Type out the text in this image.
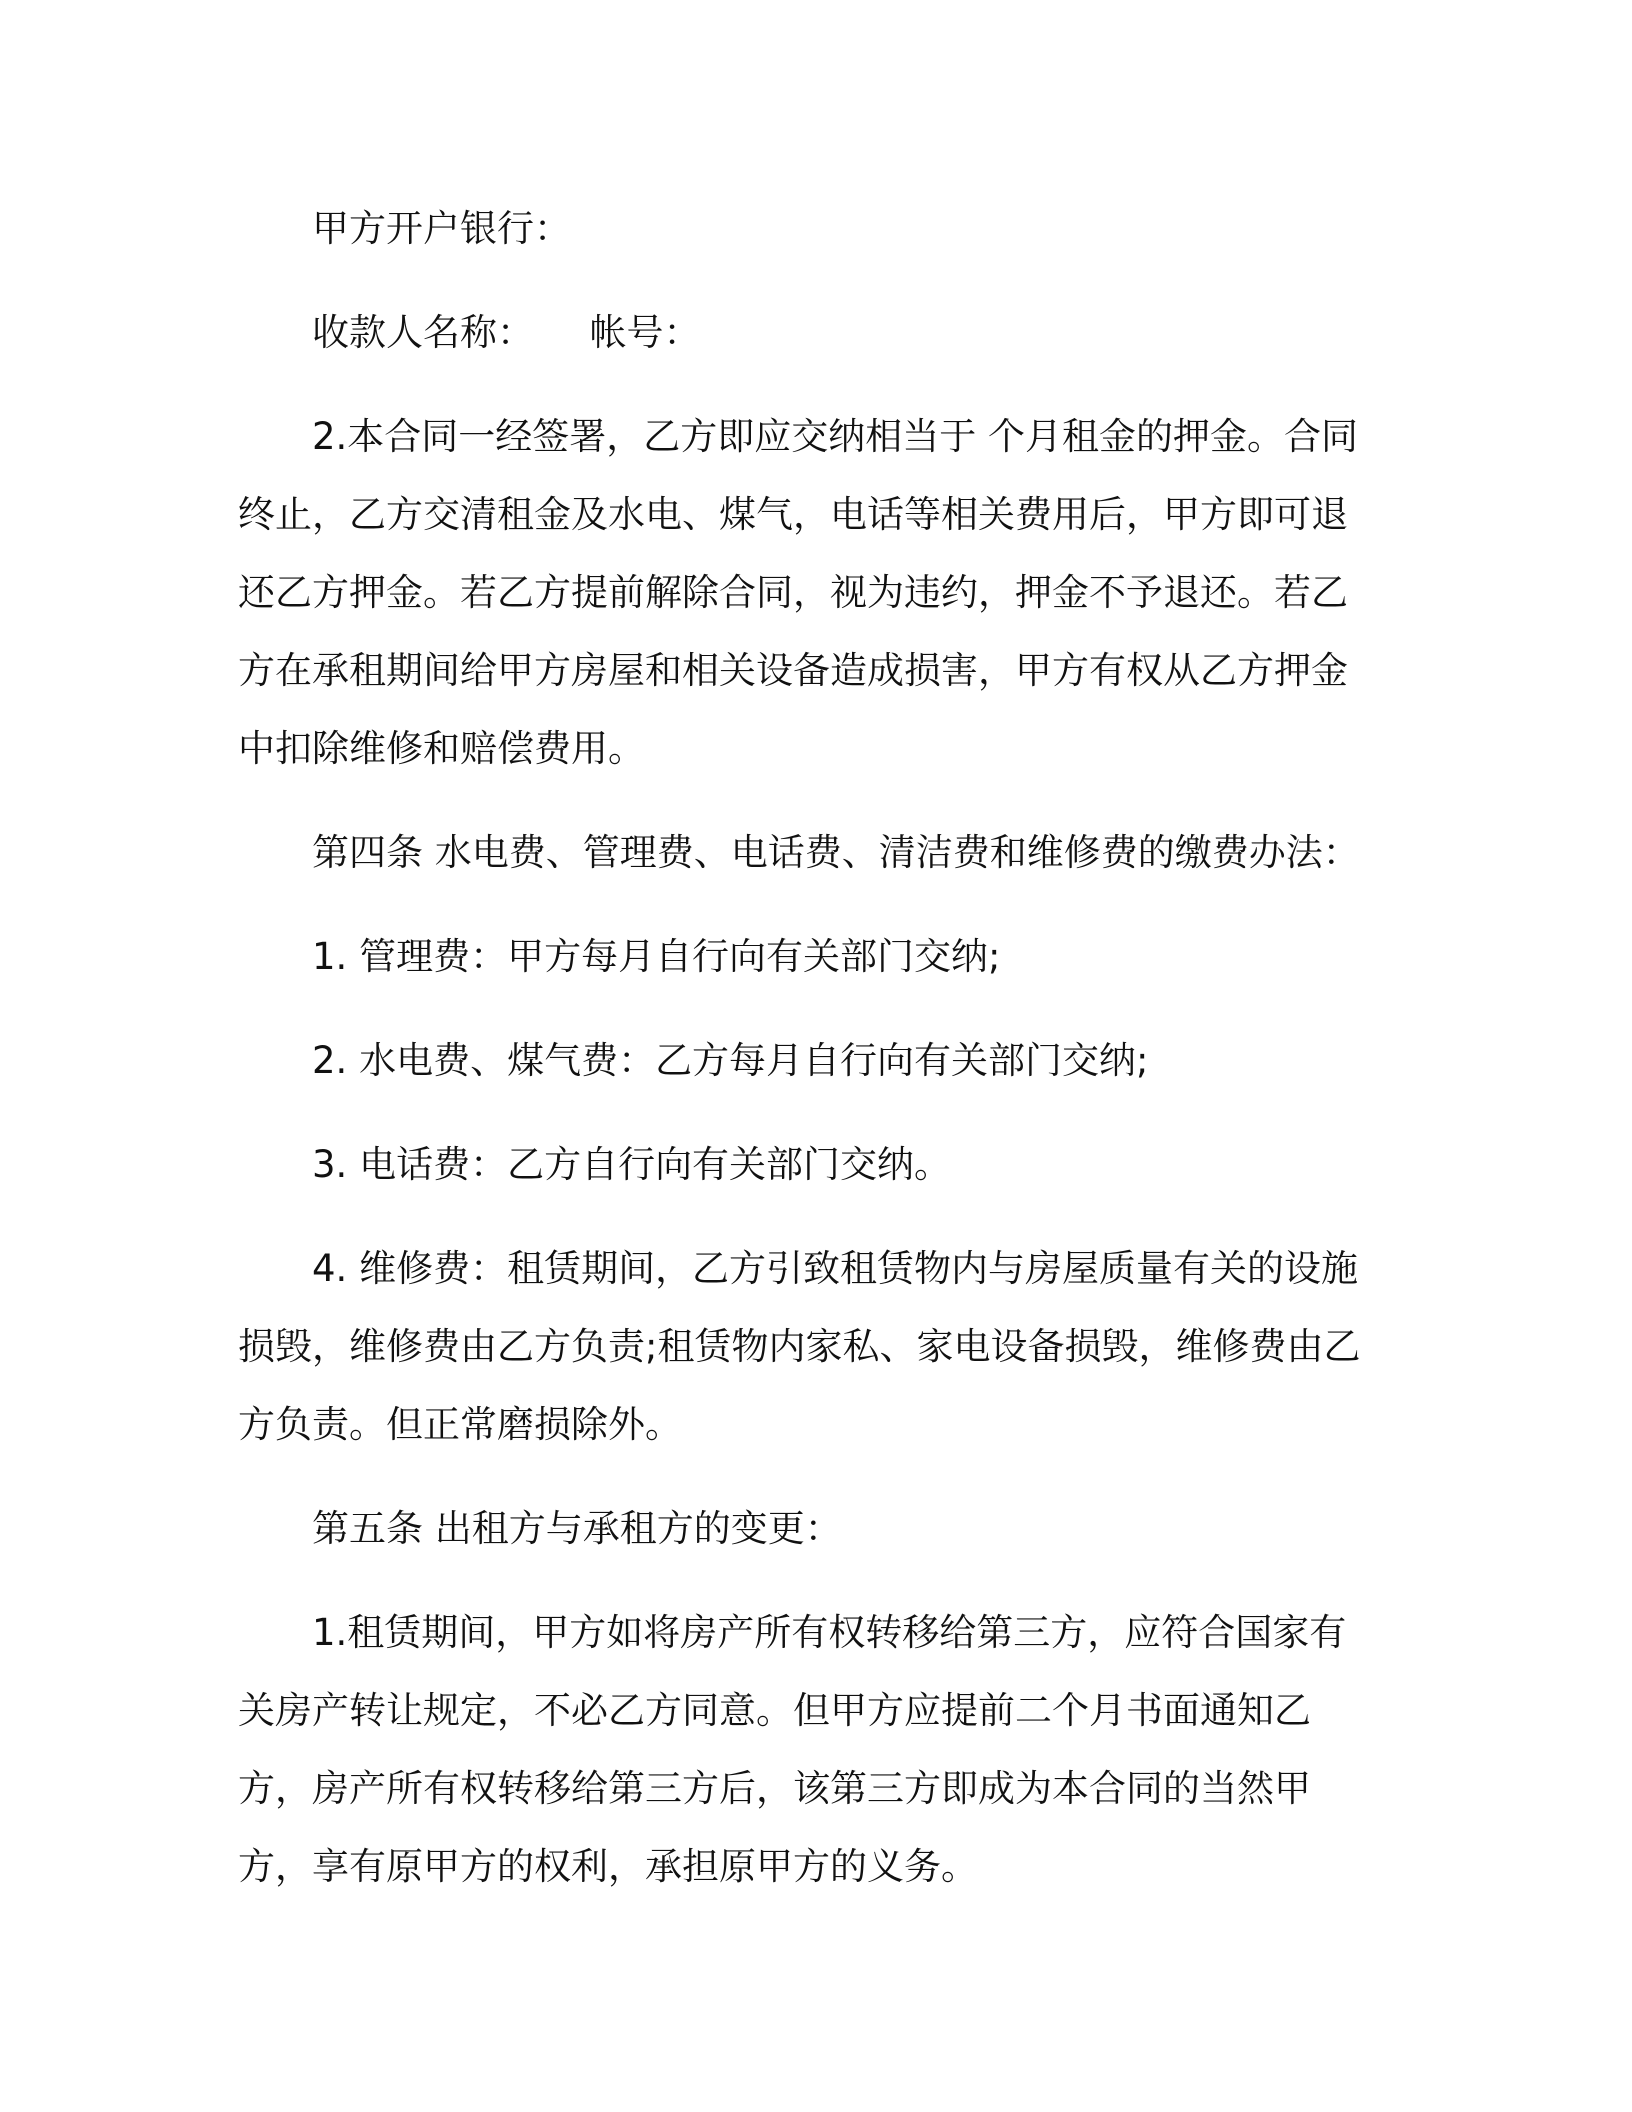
甲方开户银行：

收款人名称：　　帐号：

2.本合同一经签署，乙方即应交纳相当于 个月租金的押金。合同终止，乙方交清租金及水电、煤气，电话等相关费用后，甲方即可退还乙方押金。若乙方提前解除合同，视为违约，押金不予退还。若乙方在承租期间给甲方房屋和相关设备造成损害，甲方有权从乙方押金中扣除维修和赔偿费用。

第四条 水电费、管理费、电话费、清洁费和维修费的缴费办法：

1. 管理费：甲方每月自行向有关部门交纳;

2. 水电费、煤气费：乙方每月自行向有关部门交纳;

3. 电话费：乙方自行向有关部门交纳。

4. 维修费：租赁期间，乙方引致租赁物内与房屋质量有关的设施损毁，维修费由乙方负责;租赁物内家私、家电设备损毁，维修费由乙方负责。但正常磨损除外。

第五条 出租方与承租方的变更：

1.租赁期间，甲方如将房产所有权转移给第三方，应符合国家有关房产转让规定，不必乙方同意。但甲方应提前二个月书面通知乙方，房产所有权转移给第三方后，该第三方即成为本合同的当然甲方，享有原甲方的权利，承担原甲方的义务。
